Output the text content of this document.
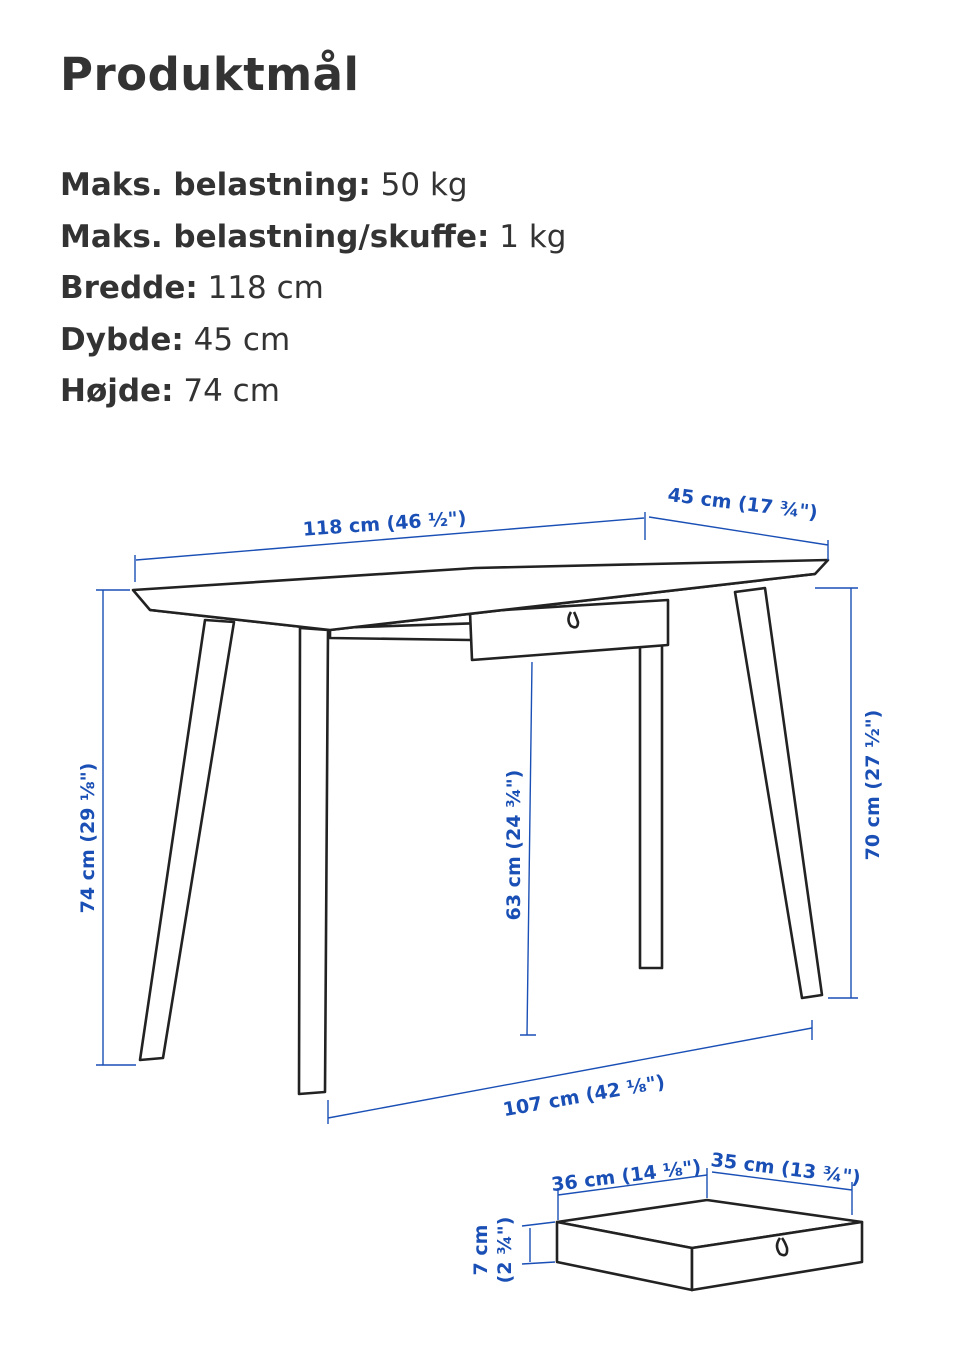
Produktmål
Maks. belastning: 50 kg
Maks. belastning/skuffe: 1 kg
Bredde: 118 cm
Dybde: 45 cm
Højde: 74 cm
118 cm (46 ½")	45 cm (17 ¾")
74 cm (29 ⅛")	70 cm (27 ½")
63 cm (24 ¾")
107 cm (42 ⅛")
36 cm (14 ⅛") 35 cm (13 ¾")
7 cm (2 ¾")
